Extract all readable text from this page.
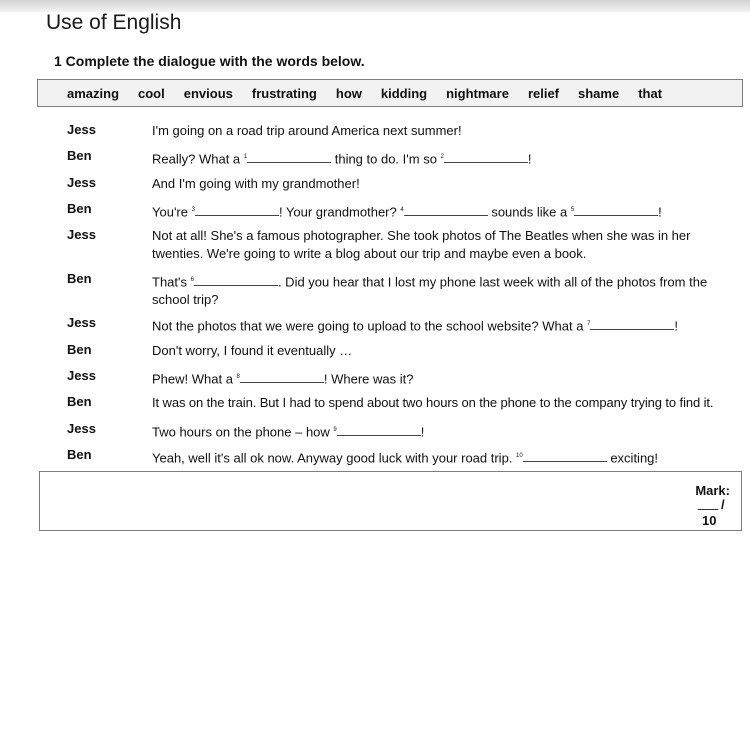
Use of English

1 Complete the dialogue with the words below.

amazing cool envious frustrating how kidding nightmare relief shame that
Jess	I'm going on a road trip around America next summer!
Ben	Really? What a $^1$	thing to do. I'm so $^2$	!
Jess	And I'm going with my grandmother!
Ben	You're $^3$	! Your grandmother? $^4$	sounds like a $^5$	!
Jess	Not at all! She's a famous photographer. She took photos of The Beatles when she was in her twenties. We're going to write a blog about our trip and maybe even a book.
Ben	That's $^6$	. Did you hear that I lost my phone last week with all of the photos from the school trip?
Jess	Not the photos that we were going to upload to the school website? What a $^7$	!
Ben	Don't worry, I found it eventually …
Jess	Phew! What a $^8$	! Where was it?
Ben	It was on the train. But I had to spend about two hours on the phone to the company trying to find it.
Jess	Two hours on the phone – how $^9$	!
Ben	Yeah, well it's all ok now. Anyway good luck with your road trip. $^{10}$	exciting!
Mark:
/
10
